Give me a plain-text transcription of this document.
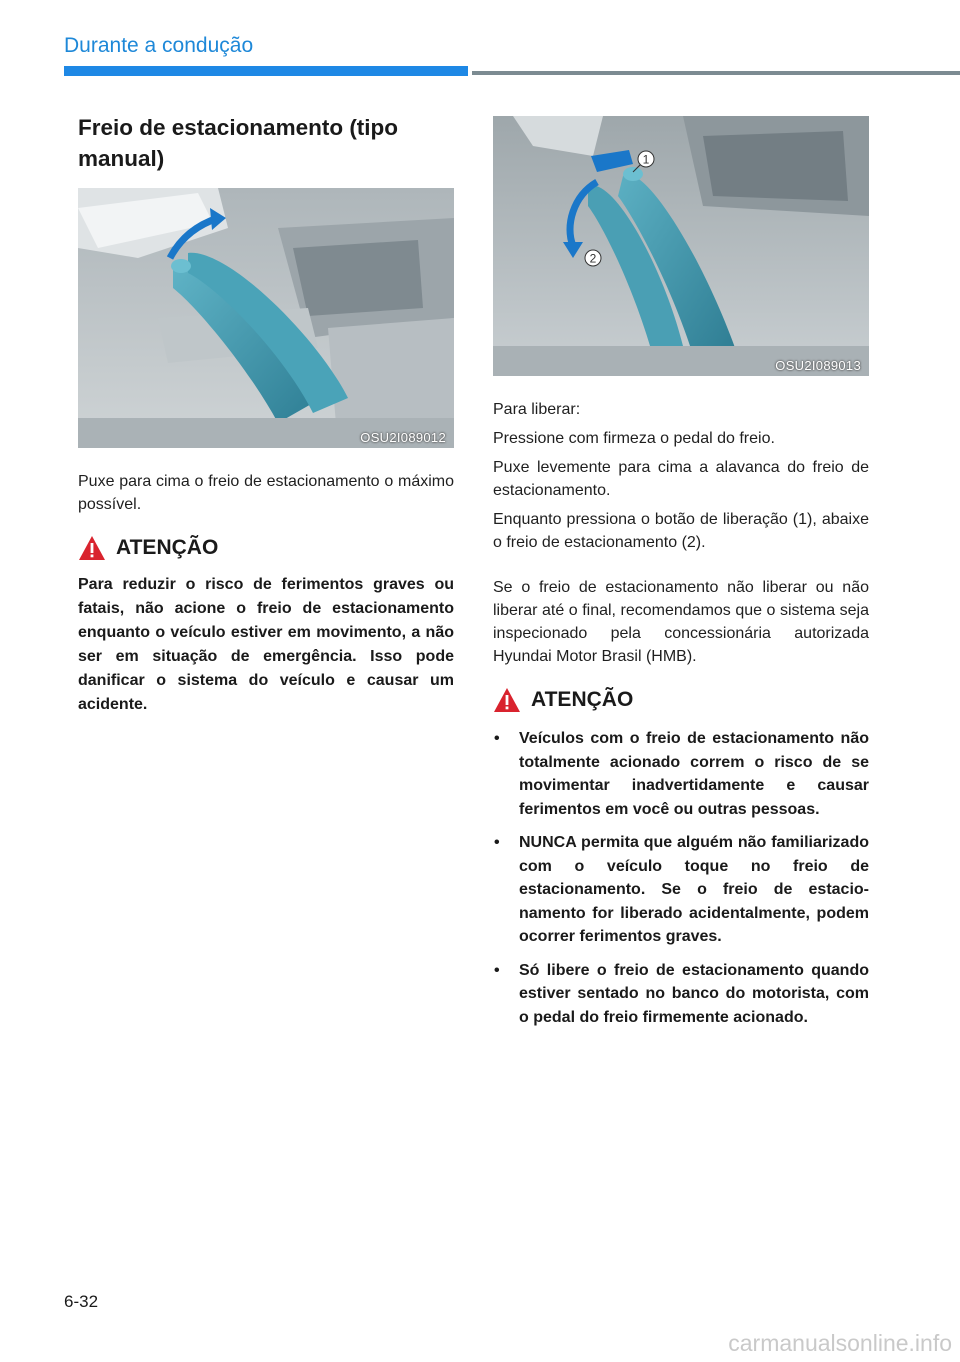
Durante a condução
Freio de estacionamento (tipo manual)
OSU2I089012

Puxe para cima o freio de estacionamento o máximo possível.

ATENÇÃO

Para reduzir o risco de ferimentos graves ou fatais, não acione o freio de estacionamento enquanto o veículo estiver em movimento, a não ser em situação de emergência. Isso pode danificar o sistema do veículo e causar um acidente.

1
2
OSU2I089013

Para liberar:

Pressione com firmeza o pedal do freio.

Puxe levemente para cima a alavanca do freio de estacionamento.

Enquanto pressiona o botão de liberação (1), abaixe o freio de estacionamento (2).

Se o freio de estacionamento não liberar ou não liberar até o final, recomendamos que o sistema seja inspecionado pela concessionária autorizada Hyundai Motor Brasil (HMB).

ATENÇÃO
• Veículos com o freio de estacionamento não totalmente acionado correm o risco de se movimentar inadvertidamente e causar ferimentos em você ou outras pessoas.
• NUNCA permita que alguém não familiarizado com o veículo toque no freio de estacionamento. Se o freio de estacionamento for liberado acidentalmente, podem ocorrer ferimentos graves.
• Só libere o freio de estacionamento quando estiver sentado no banco do motorista, com o pedal do freio firmemente acionado.
6-32
carmanualsonline.info
